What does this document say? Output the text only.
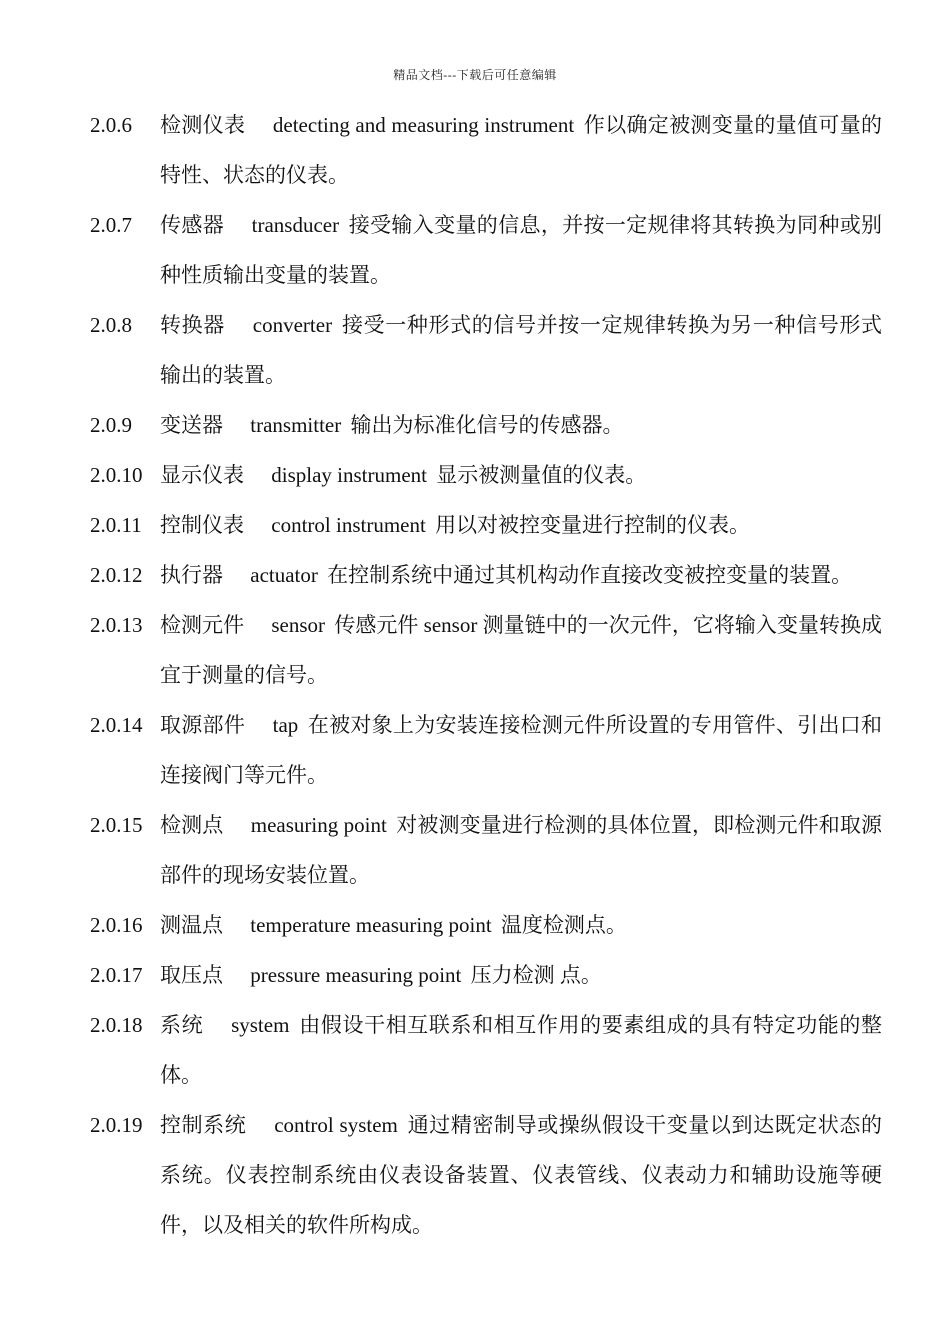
精品文档---下载后可任意编辑
2.0.6	检测仪表 detecting and measuring instrument 作以确定被测变量的量值可量的特性、状态的仪表。
2.0.7	传感器 transducer 接受输入变量的信息，并按一定规律将其转换为同种或别种性质输出变量的装置。
2.0.8	转换器 converter 接受一种形式的信号并按一定规律转换为另一种信号形式输出的装置。
2.0.9	变送器 transmitter 输出为标准化信号的传感器。
2.0.10 显示仪表 display instrument 显示被测量值的仪表。
2.0.11 控制仪表 control instrument 用以对被控变量进行控制的仪表。
2.0.12 执行器 actuator 在控制系统中通过其机构动作直接改变被控变量的装置。
2.0.13 检测元件 sensor 传感元件 sensor 测量链中的一次元件，它将输入变量转换成宜于测量的信号。
2.0.14 取源部件 tap 在被对象上为安装连接检测元件所设置的专用管件、引出口和连接阀门等元件。
2.0.15 检测点 measuring point 对被测变量进行检测的具体位置，即检测元件和取源部件的现场安装位置。
2.0.16 测温点 temperature measuring point 温度检测点。
2.0.17 取压点 pressure measuring point 压力检测 点。
2.0.18 系统 system 由假设干相互联系和相互作用的要素组成的具有特定功能的整体。
2.0.19 控制系统 control system 通过精密制导或操纵假设干变量以到达既定状态的系统。仪表控制系统由仪表设备装置、仪表管线、仪表动力和辅助设施等硬件，以及相关的软件所构成。
